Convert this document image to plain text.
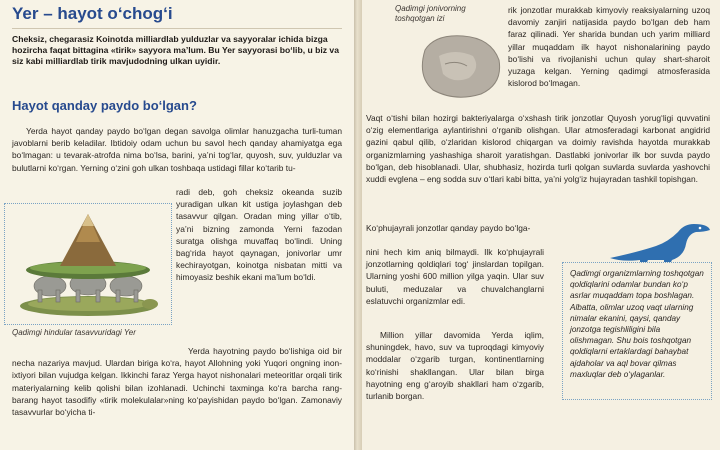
Yer – hayot o‘chog‘i

Cheksiz, chegarasiz Koinotda milliardlab yulduzlar va sayyoralar ichida bizga hozircha faqat bittagina «tirik» sayyora ma’lum. Bu Yer sayyorasi bo‘lib, u biz va siz kabi milliardlab tirik mavjudodning ulkan uyidir.

Hayot qanday paydo bo‘lgan?

Yerda hayot qanday paydo bo‘lgan degan savolga olimlar hanuzgacha turli-tuman javoblarni berib keladilar. Ibtidoiy odam uchun bu savol hech qanday ahamiyatga ega bo‘lmagan: u tevarak-atrofda nima bo‘lsa, barini, ya’ni tog‘lar, quyosh, suv, yulduzlar va bulutlarni ko‘rgan. Yerning o‘zini goh ulkan toshbaqa ustidagi fillar ko‘tarib tu-

Qadimgi hindular tasavvuridagi Yer

radi deb, goh cheksiz okeanda suzib yuradigan ulkan kit ustiga joylashgan deb tasavvur qilgan. Oradan ming yillar o‘tib, ya’ni bizning zamonda Yerni fazodan suratga olishga muvaffaq bo‘lindi. Uning bag‘rida hayot qaynagan, jonivorlar umr kechirayotgan, koinotga nisbatan mitti va himoyasiz beshik ekani ma’lum bo‘ldi.

Yerda hayotning paydo bo‘lishiga oid bir necha nazariya mavjud. Ulardan biriga ko‘ra, hayot Allohning yoki Yuqori ongning inon-ixtiyori bilan vujudga kelgan. Ikkinchi faraz Yerga hayot nishonalari meteoritlar orqali tirik materiyalarning kelib qolishi bilan izohlanadi. Uchinchi taxminga ko‘ra barcha rang-barang hayot tasodifiy «tirik molekulalar»ning ko‘payishidan paydo bo‘lgan. Zamonaviy tasavvurlar bo‘yicha ti-

Qadimgi jonivorning toshqotgan izi

rik jonzotlar murakkab kimyoviy reaksiyalarning uzoq davomiy zanjiri natijasida paydo bo‘lgan deb ham faraz qilinadi. Yer sharida bundan uch yarim milliard yillar muqaddam ilk hayot nishonalarining paydo bo‘lishi va rivojlanishi uchun qulay shart-sharoit yuzaga kelgan. Yerning qadimgi atmosferasida kislorod bo‘lmagan.

Vaqt o‘tishi bilan hozirgi bakteriyalarga o‘xshash tirik jonzotlar Quyosh yorug‘ligi quvvatini o‘zig elementlariga aylantirishni o‘rganib olishgan. Ular atmosferadagi karbonat angidrid gazini qabul qilib, o‘zlaridan kislorod chiqargan va doimiy ravishda hayotda murakkab organizmlarning yashashiga sharoit yaratishgan. Dastlabki jonivorlar ilk bor suvda paydo bo‘lgan, deb hisoblanadi. Ular, shubhasiz, hozirda turli qolgan suvlarda suvlarda yashovchi xuddi evglena – eng sodda suv o‘tlari kabi bitta, ya’ni yolg‘iz hujayradan tashkil topishgan.

Ko‘phujayrali jonzotlar qanday paydo bo‘lga-

nini hech kim aniq bilmaydi. Ilk ko‘phujayrali jonzotlarning qoldiqlari tog‘ jinslardan topilgan. Ularning yoshi 600 million yilga yaqin. Ular suv buluti, meduzalar va chuvalchanglarni eslatuvchi organizmlar edi.

Million yillar davomida Yerda iqlim, shuningdek, havo, suv va tuproqdagi kimyoviy moddalar o‘zgarib turgan, kontinentlarning ko‘rinishi shakllangan. Ular bilan birga hayotning eng g‘aroyib shakllari ham o‘zgarib, turlanib borgan.

Qadimgi organizmlarning toshqotgan qoldiqlarini odamlar bundan ko‘p asrlar muqaddam topa boshlagan. Albatta, olimlar uzoq vaqt ularning nimalar ekanini, qaysi, qanday jonzotga tegishliligini bila olishmagan. Shu bois toshqotgan qoldiqlarni ertaklardagi bahaybat ajdaholar va aql bovar qilmas maxluqlar deb o‘ylaganlar.
